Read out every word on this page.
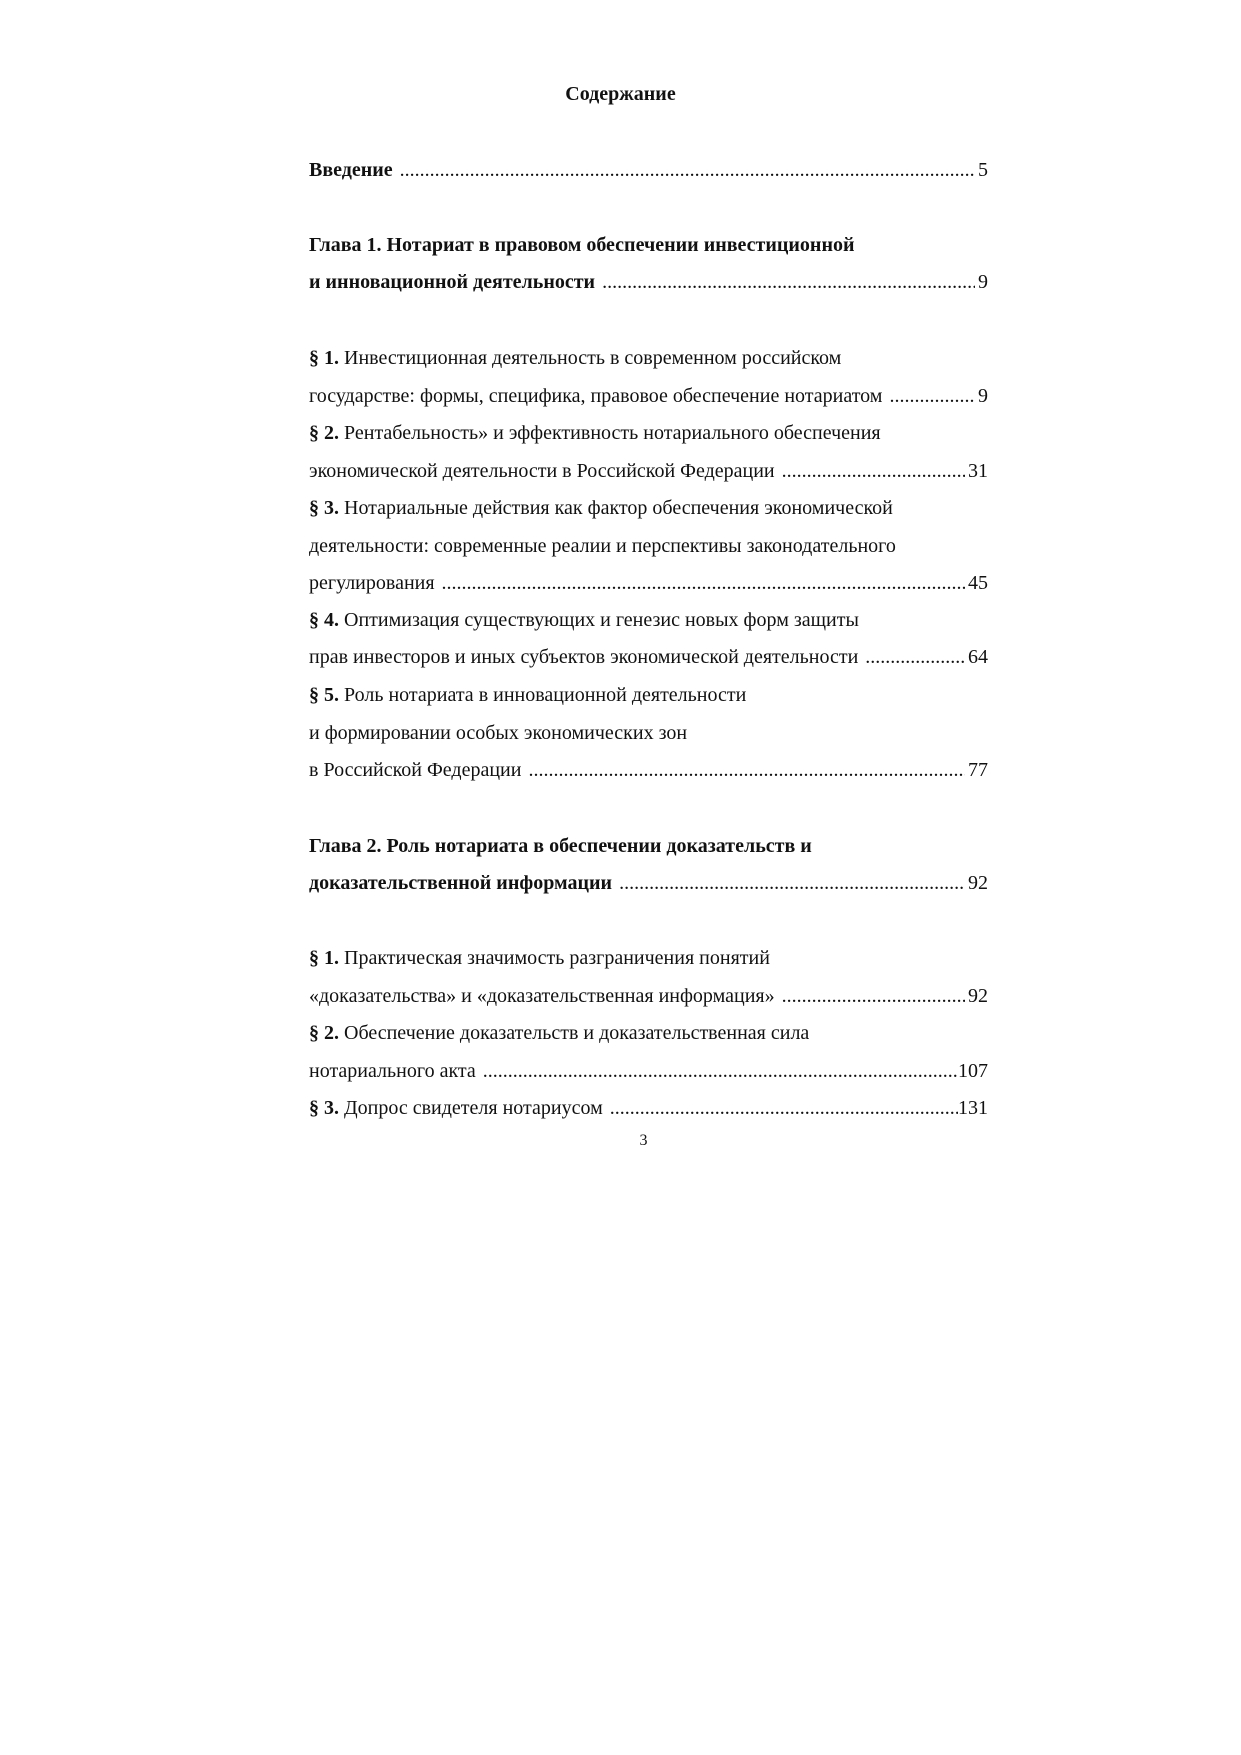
Содержание
Введение .....	5
Глава 1. Нотариат в правовом обеспечении инвестиционной
и инновационной деятельности .....	9
§ 1. Инвестиционная деятельность в современном российском
государстве: формы, специфика, правовое обеспечение нотариатом .....	9
§ 2. Рентабельность» и эффективность нотариального обеспечения
экономической деятельности в Российской Федерации .....	31
§ 3. Нотариальные действия как фактор обеспечения экономической
деятельности: современные реалии и перспективы законодательного
регулирования .....	45
§ 4. Оптимизация существующих и генезис новых форм защиты
прав инвесторов и иных субъектов экономической деятельности .....	64
§ 5. Роль нотариата в инновационной деятельности
и формировании особых экономических зон
в Российской Федерации .....	77
Глава 2. Роль нотариата в обеспечении доказательств и
доказательственной информации .....	92
§ 1. Практическая значимость разграничения понятий
«доказательства» и «доказательственная информация» .....	92
§ 2. Обеспечение доказательств и доказательственная сила
нотариального акта .....	107
§ 3. Допрос свидетеля нотариусом .....	131
3
